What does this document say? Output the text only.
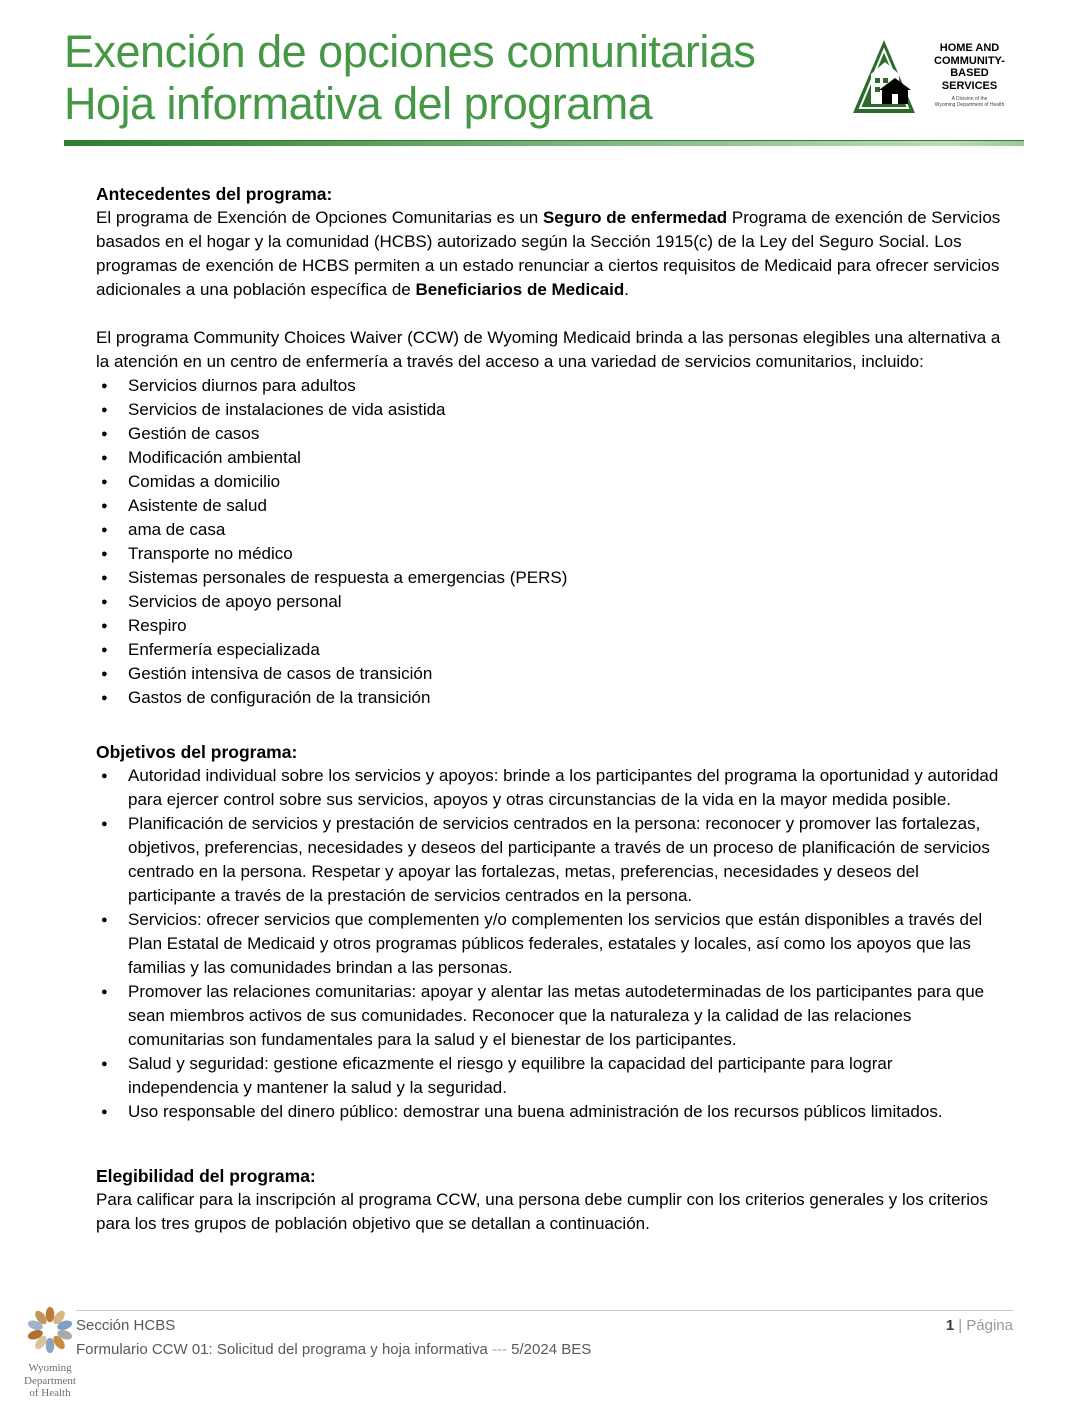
Exención de opciones comunitarias
Hoja informativa del programa
HOME AND
COMMUNITY-
BASED
SERVICES
A Division of the
Wyoming Department of Health
Antecedentes del programa:

El programa de Exención de Opciones Comunitarias es un Seguro de enfermedad Programa de exención de Servicios basados en el hogar y la comunidad (HCBS) autorizado según la Sección 1915(c) de la Ley del Seguro Social. Los programas de exención de HCBS permiten a un estado renunciar a ciertos requisitos de Medicaid para ofrecer servicios adicionales a una población específica de Beneficiarios de Medicaid.

El programa Community Choices Waiver (CCW) de Wyoming Medicaid brinda a las personas elegibles una alternativa a la atención en un centro de enfermería a través del acceso a una variedad de servicios comunitarios, incluido:

● Servicios diurnos para adultos
● Servicios de instalaciones de vida asistida
● Gestión de casos
● Modificación ambiental
● Comidas a domicilio
● Asistente de salud
● ama de casa
● Transporte no médico
● Sistemas personales de respuesta a emergencias (PERS)
● Servicios de apoyo personal
● Respiro
● Enfermería especializada
● Gestión intensiva de casos de transición
● Gastos de configuración de la transición
Objetivos del programa:
● Autoridad individual sobre los servicios y apoyos: brinde a los participantes del programa la oportunidad y autoridad para ejercer control sobre sus servicios, apoyos y otras circunstancias de la vida en la mayor medida posible.
● Planificación de servicios y prestación de servicios centrados en la persona: reconocer y promover las fortalezas, objetivos, preferencias, necesidades y deseos del participante a través de un proceso de planificación de servicios centrado en la persona. Respetar y apoyar las fortalezas, metas, preferencias, necesidades y deseos del participante a través de la prestación de servicios centrados en la persona.
● Servicios: ofrecer servicios que complementen y/o complementen los servicios que están disponibles a través del Plan Estatal de Medicaid y otros programas públicos federales, estatales y locales, así como los apoyos que las familias y las comunidades brindan a las personas.
● Promover las relaciones comunitarias: apoyar y alentar las metas autodeterminadas de los participantes para que sean miembros activos de sus comunidades. Reconocer que la naturaleza y la calidad de las relaciones comunitarias son fundamentales para la salud y el bienestar de los participantes.
● Salud y seguridad: gestione eficazmente el riesgo y equilibre la capacidad del participante para lograr independencia y mantener la salud y la seguridad.
● Uso responsable del dinero público: demostrar una buena administración de los recursos públicos limitados.
Elegibilidad del programa:

Para calificar para la inscripción al programa CCW, una persona debe cumplir con los criterios generales y los criterios para los tres grupos de población objetivo que se detallan a continuación.

Wyoming
Department
of Health
Sección HCBS	1 | Página
Formulario CCW 01: Solicitud del programa y hoja informativa --- 5/2024 BES
